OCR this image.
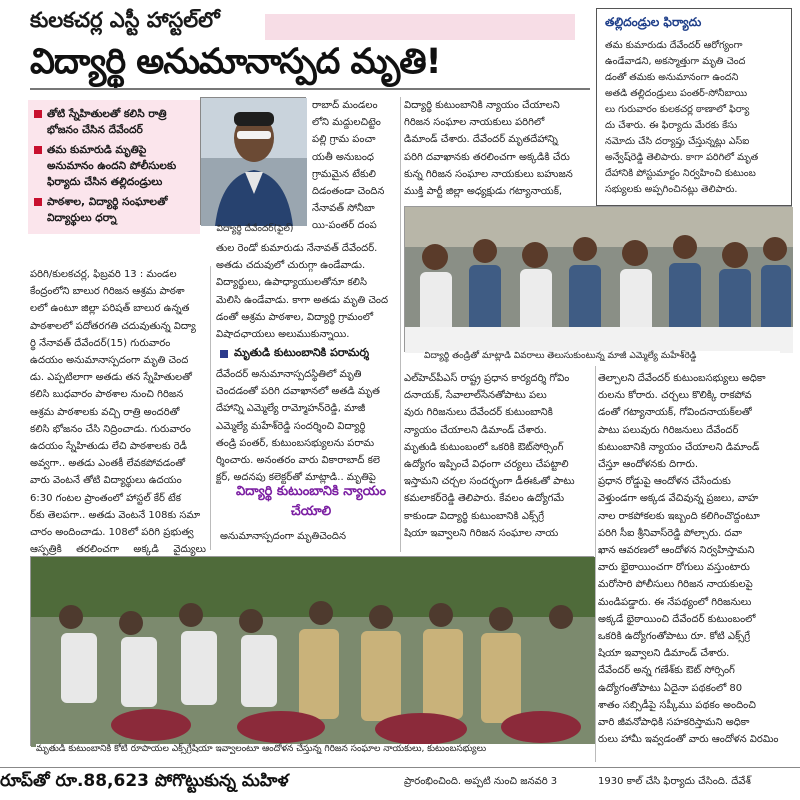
కులకచర్ల ఎస్టీ హాస్టల్‌లో
విద్యార్థి అనుమానాస్పద మృతి!
తల్లిదండ్రుల ఫిర్యాదు
తమ కుమారుడు దేవేందర్ ఆరోగ్యంగా
ఉండేవాడని, అకస్మాత్తుగా మృతి చెంద
డంతో తమకు అనుమానంగా ఉందని
అతడి తల్లిదండ్రులు పంతర్-సోనీబాయి
లు గురువారం కులకచర్ల ఠాణాలో ఫిర్యా
దు చేశారు. ఈ ఫిర్యాదు మేరకు కేసు
నమోదు చేసి దర్యాప్తు చేస్తున్నట్లు ఎస్ఐ
అన్వేష్‌రెడ్డి తెలిపారు. కాగా పరిగిలో మృత
దేహానికి పోస్టుమార్టం నిర్వహించి కుటుంబ
సభ్యులకు అప్పగించినట్లు తెలిపారు.
తోటి స్నేహితులతో కలిసి రాత్రి భోజనం చేసిన దేవేందర్
తమ కుమారుడి మృతిపై అనుమానం ఉందని పోలీసులకు ఫిర్యాదు చేసిన తల్లిదండ్రులు
పాఠశాల, విద్యార్థి సంఘాలతో విద్యార్థులు ధర్నా
విద్యార్థి దేవేందర్(ఫైల్)
పరిగి/కులకచర్ల, ఫిబ్రవరి 13 : మండల
కేంద్రంలోని బాలుర గిరిజన ఆశ్రమ పాఠశా
లలో ఉంటూ జిల్లా పరిషత్ బాలుర ఉన్నత
పాఠశాలలో పదోతరగతి చదువుతున్న విద్యా
ర్థి నేనావత్ దేవేందర్(15) గురువారం
ఉదయం అనుమానాస్పదంగా మృతి చెంద
డు. ఎప్పటిలాగా అతడు తన స్నేహితులతో
కలిసి బుధవారం పాఠశాల నుంచి గిరిజన
ఆశ్రమ పాఠశాలకు వచ్చి రాత్రి అందరితో
కలిసి భోజనం చేసి నిద్రించాడు. గురువారం
ఉదయం స్నేహితుడు లేచి పాఠశాలకు రెడీ
అవ్వగా.. అతడు ఎంతకీ లేవకపోవడంతో
వారు వెంటనే తోటి విద్యార్థులు ఉదయం
6:30 గంటల ప్రాంతంలో హాస్టల్ కేర్ టేక
ర్‌కు తెలపగా.. అతడు వెంటనే 108కు సమా
చారం అందించాడు. 108లో పరిగి ప్రభుత్వ
ఆస్పత్రికి తరలించగా అక్కడి వైద్యులు
రాబాద్ మండలం
లోని మద్దులచిట్టెం
పల్లి గ్రామ పంచా
యతీ అనుబంధ
గ్రామమైన టేకులి
దిడంతండా చెందిన
నేనావత్ సోనీబా
యి-పంతర్ దంప
తుల రెండో కుమారుడు నేనావత్ దేవేందర్.
అతడు చదువులో చురుగ్గా ఉండేవాడు.
విద్యార్థులు, ఉపాధ్యాయులతోనూ కలిసి
మెలిసి ఉండేవాడు. కాగా అతడు మృతి చెంద
డంతో ఆశ్రమ పాఠశాల, విద్యార్థి గ్రామంలో
విషాదఛాయలు అలుముకున్నాయి.
మృతుడి కుటుంబానికి పరామర్శ
దేవేందర్ అనుమానాస్పదస్థితిలో మృతి
చెందడంతో పరిగి దవాఖానలో అతడి మృత
దేహాన్ని ఎమ్మెల్యే రామ్మోహన్‌రెడ్డి, మాజీ
ఎమ్మెల్యే మహేశ్‌రెడ్డి సందర్శించి విద్యార్థి
తండ్రి పంతర్, కుటుంబసభ్యులను పరామ
ర్శించారు. అనంతరం వారు వికారాబాద్ కలె
క్టర్, అదనపు కలెక్టర్‌తో మాట్లాడి.. మృతిపై
విద్యార్థి కుటుంబానికి న్యాయం చేయాలి
అనుమానాస్పదంగా మృతిచెందిన
విద్యార్థి కుటుంబానికి న్యాయం చేయాలని
గిరిజన సంఘాల నాయకులు పరిగిలో
డిమాండ్ చేశారు. దేవేందర్ మృతదేహాన్ని
పరిగి దవాఖానకు తరలించగా అక్కడికి చేరు
కున్న గిరిజన సంఘాల నాయకులు బహుజన
ముక్తి పార్టీ జిల్లా అధ్యక్షుడు గట్యానాయక్,
విద్యార్థి తండ్రితో మాట్లాడి వివరాలు తెలుసుకుంటున్న మాజీ ఎమ్మెల్యే మహేశ్‌రెడ్డి
ఎల్‌హెచ్‌పీఎస్ రాష్ట్ర ప్రధాన కార్యదర్శి గోవిం
దనాయక్, సేవాలాల్‌సేనతోపాటు పలు
వురు గిరిజనులు దేవేందర్ కుటుంబానికి
న్యాయం చేయాలని డిమాండ్ చేశారు.
మృతుడి కుటుంబంలో ఒకరికి ఔట్‌సోర్సింగ్
ఉద్యోగం ఇప్పించే విధంగా చర్యలు చేపట్టాలి
ఇస్తామని చర్చల సందర్భంగా డీఈఓతో పాటు
కమలాకర్‌రెడ్డి తెలిపారు. కేవలం ఉద్యోగమే
కాకుండా విద్యార్థి కుటుంబానికి ఎక్స్‌గ్రే
షియా ఇవ్వాలని గిరిజన సంఘాల నాయ
తెల్చాలని దేవేందర్ కుటుంబసభ్యులు అధికా
రులను కోరారు. చర్చలు కొలిక్కి రాకపోవ
డంతో గట్యానాయక్, గోవిందనాయక్‌లతో
పాటు పలువురు గిరిజనులు దేవేందర్
కుటుంబానికి న్యాయం చేయాలని డిమాండ్
చేస్తూ ఆందోళనకు దిగారు.
ప్రధాన రోడ్డుపై ఆందోళన చేసేందుకు
వెళ్తుండగా అక్కడ వేచివున్న ప్రజలు, వాహ
నాల రాకపోకలకు ఇబ్బంది కలిగించొద్దంటూ
పరిగి సీఐ శ్రీనివాస్‌రెడ్డి పోల్చారు. దవా
ఖాన ఆవరణలో ఆందోళన నిర్వహిస్తామని
వారు భైఠాయించగా రోగులు వస్తుంటారు
మరోసారి పోలీసులు గిరిజన నాయకులపై
మండిపడ్డారు. ఈ నేపథ్యంలో గిరిజనులు
అక్కడే భైఠాయించి దేవేందర్ కుటుంబంలో
ఒకరికి ఉద్యోగంతోపాటు రూ. కోటి ఎక్స్‌గ్రే
షియా ఇవ్వాలని డిమాండ్ చేశారు.
దేవేందర్ అన్న గణేశ్‌కు ఔట్ సోర్సింగ్
ఉద్యోగంతోపాటు ఏదైనా పథకంలో 80
శాతం సబ్సిడీపై సప్కీము పథకం అందించి
వారి జీవనోపాధికి సహకరిస్తామని అధికా
రులు హామీ ఇవ్వడంతో వారు ఆందోళన విరమిం
మృతుడి కుటుంబానికి కోటి రూపాయల ఎక్స్‌గ్రేషియా ఇవ్వాలంటూ ఆందోళన చేస్తున్న గిరిజన సంఘాల నాయకులు, కుటుంబసభ్యులు
రూప్‌తో రూ.88,623 పోగొట్టుకున్న మహిళ	ప్రారంభించింది. అప్పటి నుంచి జనవరి 3	1930 కాల్ చేసి ఫిర్యాదు చేసింది. దేవేశ్
